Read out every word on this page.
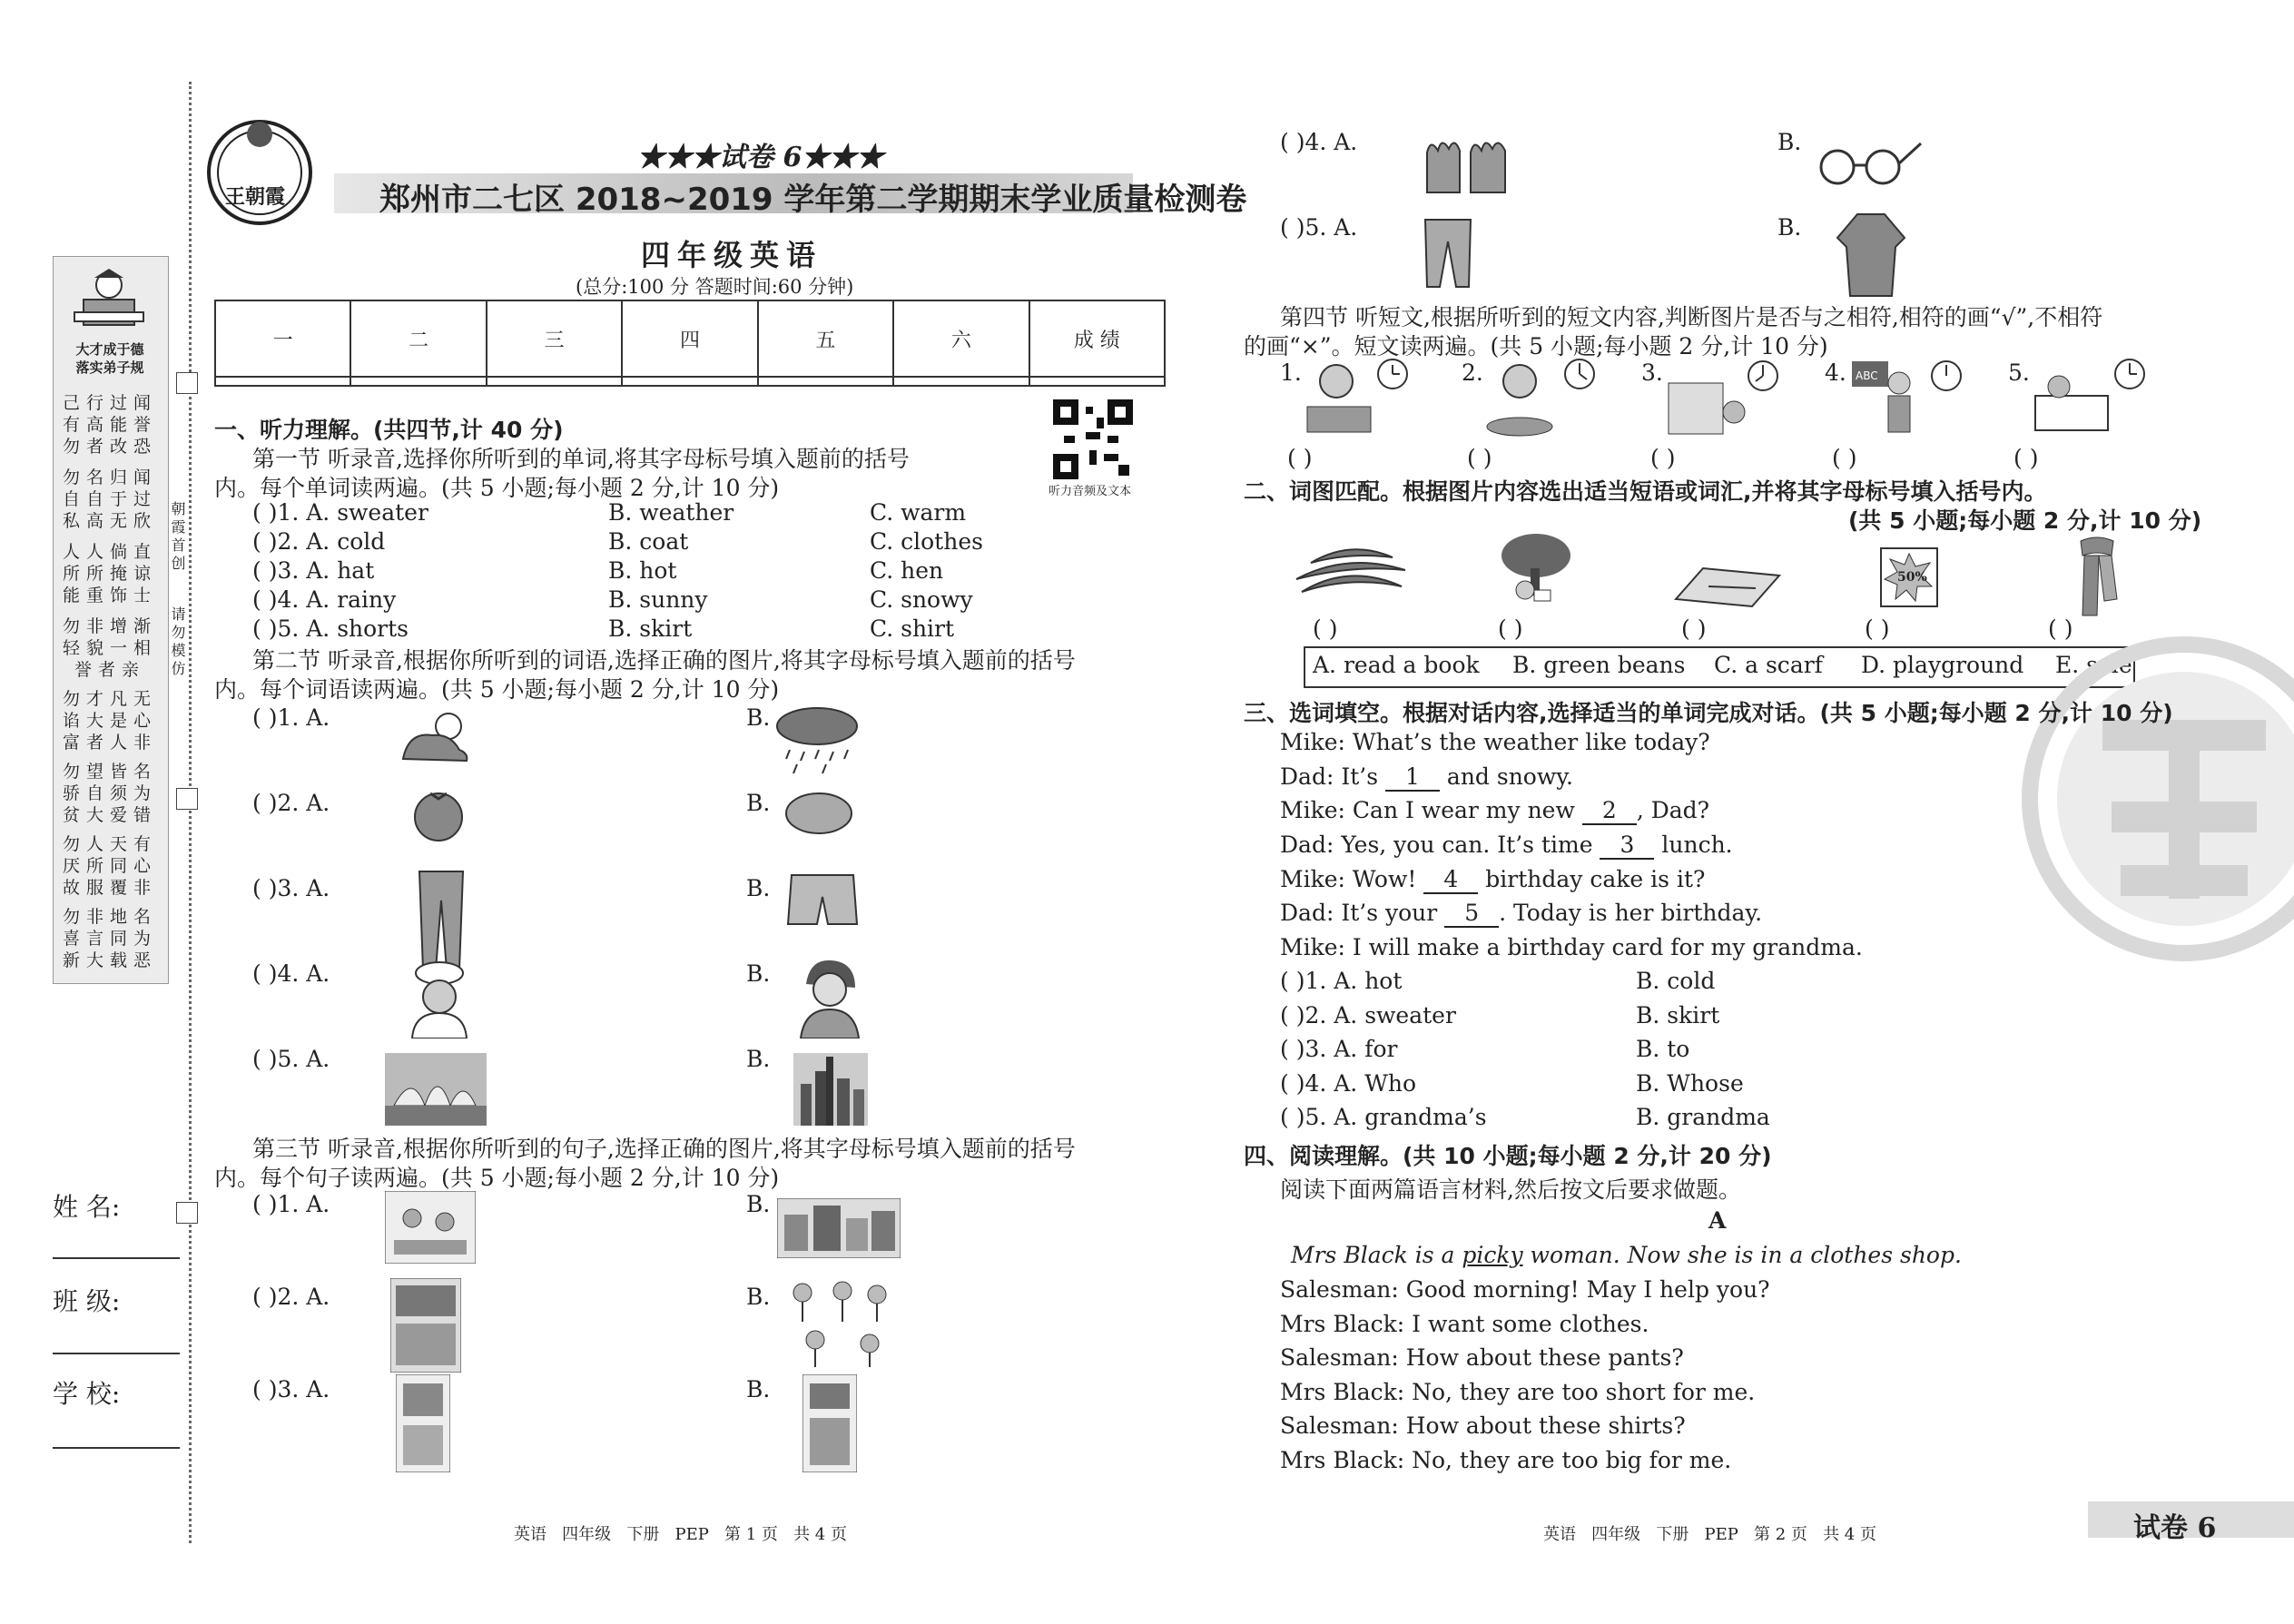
大才成于德
落实弟子规
己行过闻
有高能誉
勿者改恐
勿名归闻
自自于过
私高无欣
人人倘直
所所掩谅
能重饰士
勿非增渐
轻貌一相
誉者亲
勿才凡无
谄大是心
富者人非
勿望皆名
骄自须为
贫大爱错
勿人天有
厌所同心
故服覆非
勿非地名
喜言同为
新大载恶
朝霞首创
请勿模仿
姓 名:
班 级:
学 校:
王朝霞
★★★试卷 6★★★
郑州市二七区 2018~2019 学年第二学期期末学业质量检测卷
四年级英语
(总分:100 分 答题时间:60 分钟)
一	二	三	四	五	六	成 绩

听力音频及文本
一、听力理解。(共四节,计 40 分)
第一节 听录音,选择你所听到的单词,将其字母标号填入题前的括号
内。每个单词读两遍。(共 5 小题;每小题 2 分,计 10 分)
( )1. A. sweater	B. weather	C. warm
( )2. A. cold	B. coat	C. clothes
( )3. A. hat	B. hot	C. hen
( )4. A. rainy	B. sunny	C. snowy
( )5. A. shorts	B. skirt	C. shirt
第二节 听录音,根据你所听到的词语,选择正确的图片,将其字母标号填入题前的括号
内。每个词语读两遍。(共 5 小题;每小题 2 分,计 10 分)
( )1. A.	B.
( )2. A.	B.
( )3. A.	B.
( )4. A.	B.
( )5. A.	B.
第三节 听录音,根据你所听到的句子,选择正确的图片,将其字母标号填入题前的括号
内。每个句子读两遍。(共 5 小题;每小题 2 分,计 10 分)
( )1. A.	B.
( )2. A.	B.
( )3. A.	B.
( )4. A.	B.
( )5. A.	B.
第四节 听短文,根据所听到的短文内容,判断图片是否与之相符,相符的画“√”,不相符
的画“×”。短文读两遍。(共 5 小题;每小题 2 分,计 10 分)
1.	2.	3.	4. ABC	5.
( )	( )	( )	( )	( )
二、词图匹配。根据图片内容选出适当短语或词汇,并将其字母标号填入括号内。
(共 5 小题;每小题 2 分,计 10 分)
50%
( )	( )	( )	( )	( )
A. read a book B. green beans C. a scarf D. playground E. sale
三、选词填空。根据对话内容,选择适当的单词完成对话。(共 5 小题;每小题 2 分,计 10 分)
Mike: What’s the weather like today?
Dad: It’s 1 and snowy.
Mike: Can I wear my new 2 , Dad?
Dad: Yes, you can. It’s time 3 lunch.
Mike: Wow! 4 birthday cake is it?
Dad: It’s your 5 . Today is her birthday.
Mike: I will make a birthday card for my grandma.
( )1. A. hot	B. cold
( )2. A. sweater	B. skirt
( )3. A. for	B. to
( )4. A. Who	B. Whose
( )5. A. grandma’s	B. grandma
四、阅读理解。(共 10 小题;每小题 2 分,计 20 分)
阅读下面两篇语言材料,然后按文后要求做题。
A
Mrs Black is a picky woman. Now she is in a clothes shop.
Salesman: Good morning! May I help you?
Mrs Black: I want some clothes.
Salesman: How about these pants?
Mrs Black: No, they are too short for me.
Salesman: How about these shirts?
Mrs Black: No, they are too big for me.
英语   四年级   下册   PEP   第 1 页   共 4 页	英语   四年级   下册   PEP   第 2 页   共 4 页	试卷 6
